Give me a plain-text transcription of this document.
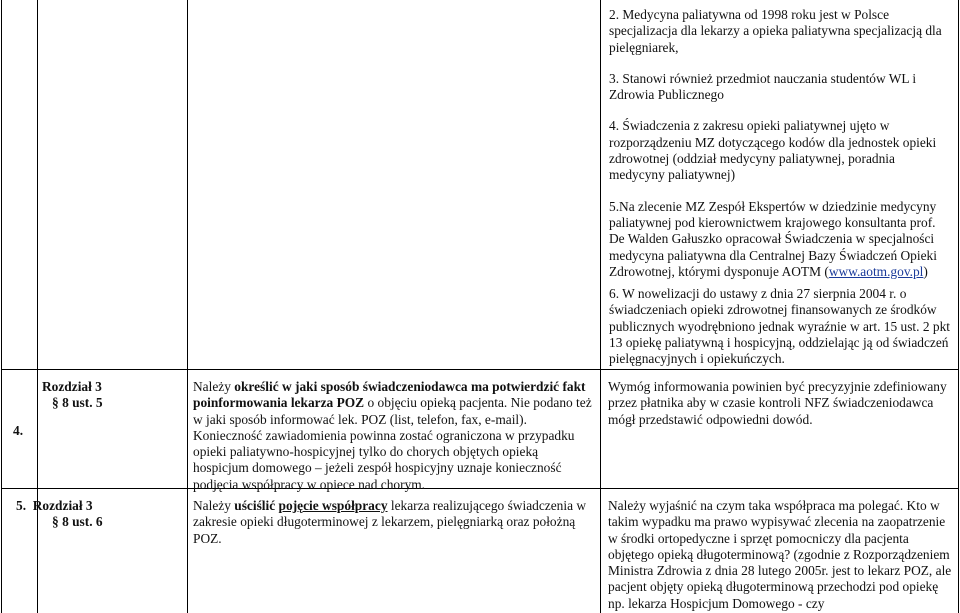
2. Medycyna paliatywna od 1998 roku jest w Polsce specjalizacja dla lekarzy a opieka paliatywna specjalizacją dla pielęgniarek,

3. Stanowi również przedmiot nauczania studentów WL i Zdrowia Publicznego

4. Świadczenia z zakresu opieki paliatywnej ujęto w rozporządzeniu MZ dotyczącego kodów dla jednostek opieki zdrowotnej (oddział medycyny paliatywnej, poradnia medycyny paliatywnej)

5.Na zlecenie MZ Zespół Ekspertów w dziedzinie medycyny paliatywnej pod kierownictwem krajowego konsultanta prof. De Walden Gałuszko opracował Świadczenia w specjalności medycyna paliatywna dla Centralnej Bazy Świadczeń Opieki Zdrowotnej, którymi dysponuje AOTM (www.aotm.gov.pl)

6. W nowelizacji do ustawy z dnia 27 sierpnia 2004 r. o świadczeniach opieki zdrowotnej finansowanych ze środków publicznych wyodrębniono jednak wyraźnie w art. 15 ust. 2 pkt 13 opiekę paliatywną i hospicyjną, oddzielając ją od świadczeń pielęgnacyjnych i opiekuńczych.

4.
Rozdział 3
§ 8 ust. 5
Należy określić w jaki sposób świadczeniodawca ma potwierdzić fakt poinformowania lekarza POZ o objęciu opieką pacjenta. Nie podano też w jaki sposób informować lek. POZ (list, telefon, fax, e-mail). Konieczność zawiadomienia powinna zostać ograniczona w przypadku opieki paliatywno-hospicyjnej tylko do chorych objętych opieką hospicjum domowego – jeżeli zespół hospicyjny uznaje konieczność podjęcia współpracy w opiece nad chorym.
Wymóg informowania powinien być precyzyjnie zdefiniowany przez płatnika aby w czasie kontroli NFZ świadczeniodawca mógł przedstawić odpowiedni dowód.
5. Rozdział 3
§ 8 ust. 6
Należy uściślić pojęcie współpracy lekarza realizującego świadczenia w zakresie opieki długoterminowej z lekarzem, pielęgniarką oraz położną POZ.
Należy wyjaśnić na czym taka współpraca ma polegać. Kto w takim wypadku ma prawo wypisywać zlecenia na zaopatrzenie w środki ortopedyczne i sprzęt pomocniczy dla pacjenta objętego opieką długoterminową? (zgodnie z Rozporządzeniem Ministra Zdrowia z dnia 28 lutego 2005r. jest to lekarz POZ, ale pacjent objęty opieką długoterminową przechodzi pod opiekę np. lekarza Hospicjum Domowego - czy
